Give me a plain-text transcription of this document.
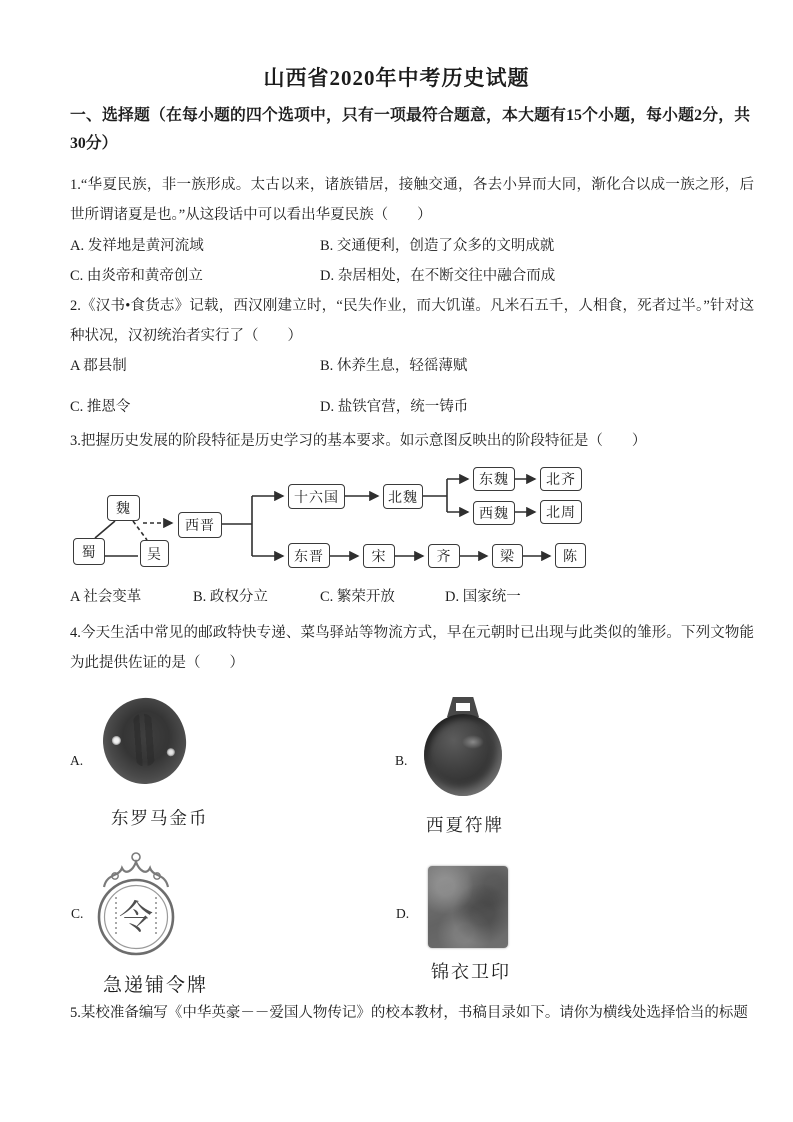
山西省2020年中考历史试题
一、选择题（在每小题的四个选项中，只有一项最符合题意，本大题有15个小题，每小题2分，共30分）
1.“华夏民族，非一族形成。太古以来，诸族错居，接触交通，各去小异而大同，渐化合以成一族之形，后世所谓诸夏是也。”从这段话中可以看出华夏民族（　　）
A. 发祥地是黄河流域	B. 交通便利，创造了众多的文明成就
C. 由炎帝和黄帝创立	D. 杂居相处，在不断交往中融合而成
2.《汉书•食货志》记载，西汉刚建立时，“民失作业，而大饥谨。凡米石五千，人相食，死者过半。”针对这种状况，汉初统治者实行了（　　）
A 郡县制	B. 休养生息，轻徭薄赋
C. 推恩令	D. 盐铁官营，统一铸币
3.把握历史发展的阶段特征是历史学习的基本要求。如示意图反映出的阶段特征是（　　）
魏
蜀	吴
西晋
十六国	北魏
东魏	北齐
西魏	北周
东晋	宋	齐	梁	陈
A 社会变革	B. 政权分立	C. 繁荣开放	D. 国家统一
4.今天生活中常见的邮政特快专递、菜鸟驿站等物流方式，早在元朝时已出现与此类似的雏形。下列文物能为此提供佐证的是（　　）
A.
东罗马金币
B.
西夏符牌
C. 令
急递铺令牌
D.
锦衣卫印
5.某校准备编写《中华英豪－－爱国人物传记》的校本教材，书稿目录如下。请你为横线处选择恰当的标题
